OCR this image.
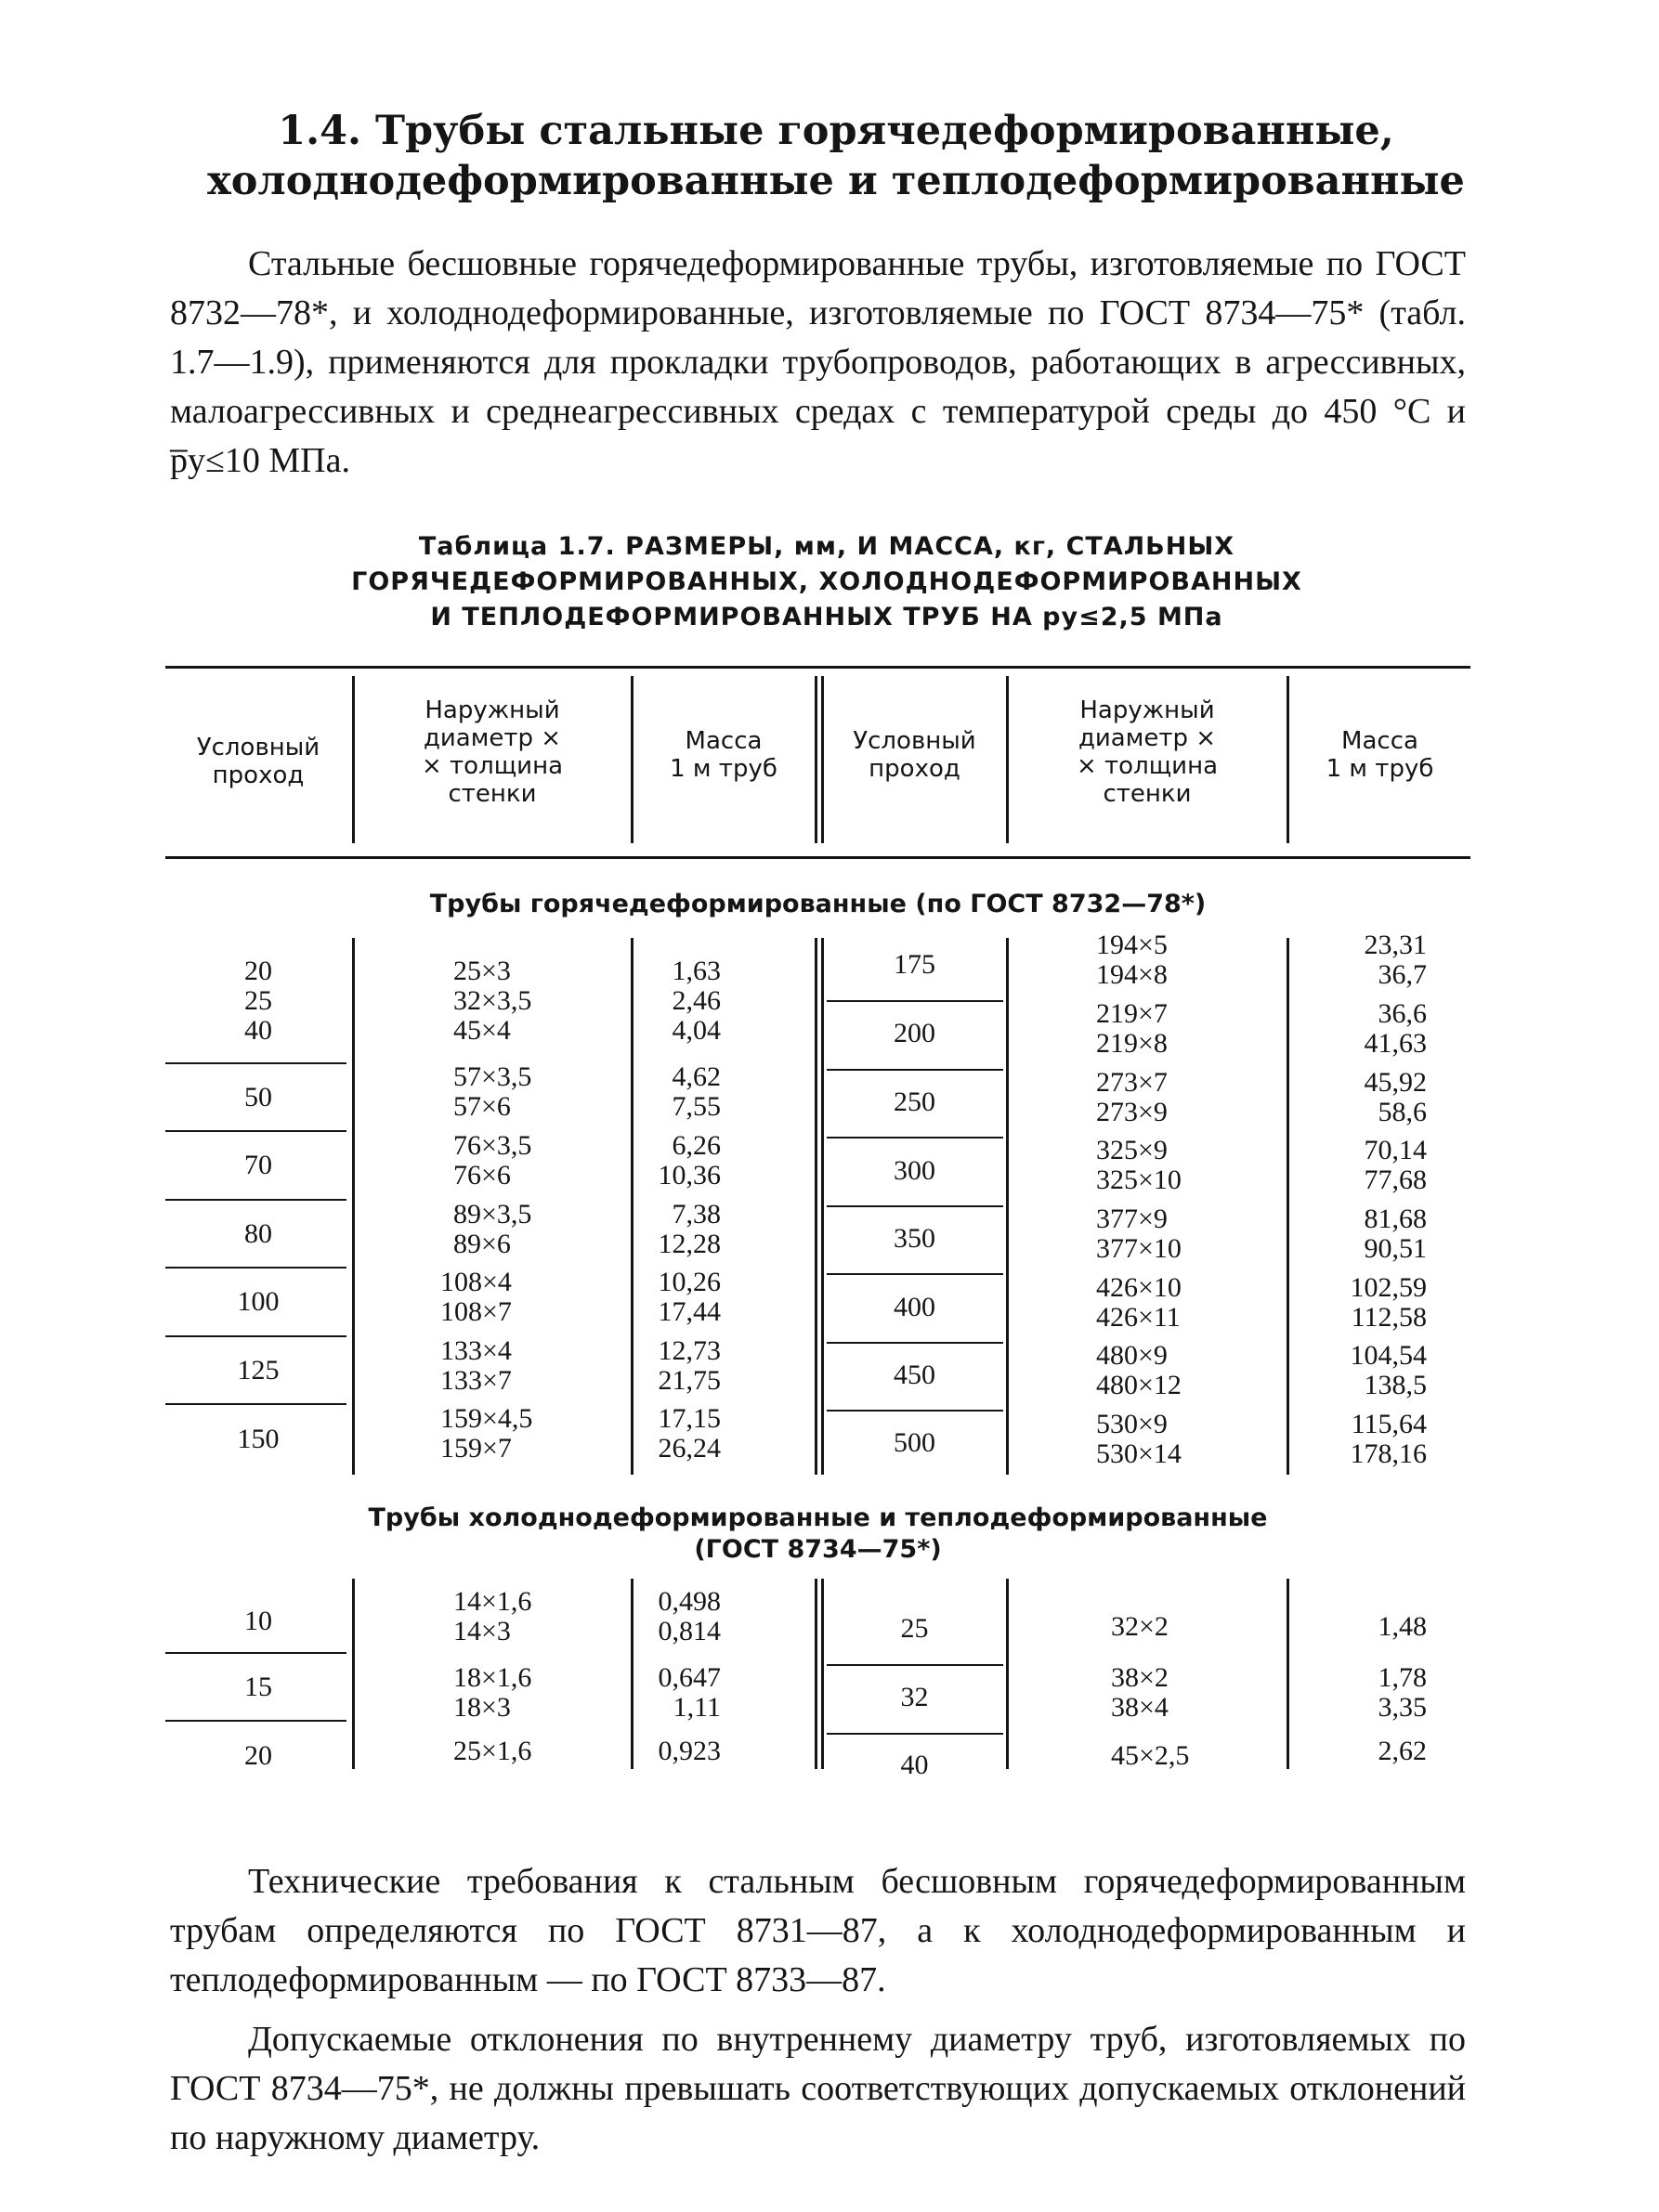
1.4. Трубы стальные горячедеформированные,
холоднодеформированные и теплодеформированные
Стальные бесшовные горячедеформированные трубы, изготовляемые по ГОСТ 8732—78*, и холоднодеформированные, изготовляемые по ГОСТ 8734—75* (табл. 1.7—1.9), применяются для прокладки трубопроводов, работающих в агрессивных, малоагрессивных и среднеагрессивных средах с температурой среды до 450 °С и p̅у≤10 МПа.
Таблица 1.7. РАЗМЕРЫ, мм, И МАССА, кг, СТАЛЬНЫХ
ГОРЯЧЕДЕФОРМИРОВАННЫХ, ХОЛОДНОДЕФОРМИРОВАННЫХ
И ТЕПЛОДЕФОРМИРОВАННЫХ ТРУБ НА pу≤2,5 МПа
Условный
проход
Наружный
диаметр ×
× толщина
стенки
Масса
1 м труб
Условный
проход
Наружный
диаметр ×
× толщина
стенки
Масса
1 м труб
Трубы горячедеформированные (по ГОСТ 8732—78*)
20
25
40
50
70
80
100
125
150
25×3
32×3,5
45×4
57×3,5
57×6
76×3,5
76×6
89×3,5
89×6
108×4
108×7
133×4
133×7
159×4,5
159×7
1,63
2,46
4,04
4,62
7,55
6,26
10,36
7,38
12,28
10,26
17,44
12,73
21,75
17,15
26,24
175
200
250
300
350
400
450
500
194×5
194×8
219×7
219×8
273×7
273×9
325×9
325×10
377×9
377×10
426×10
426×11
480×9
480×12
530×9
530×14
23,31
36,7
36,6
41,63
45,92
58,6
70,14
77,68
81,68
90,51
102,59
112,58
104,54
138,5
115,64
178,16
Трубы холоднодеформированные и теплодеформированные
(ГОСТ 8734—75*)
10
15
20
14×1,6
14×3
18×1,6
18×3
25×1,6
0,498
0,814
0,647
1,11
0,923
25
32
40
32×2
38×2
38×4
45×2,5
1,48
1,78
3,35
2,62
Технические требования к стальным бесшовным горячедеформированным трубам определяются по ГОСТ 8731—87, а к холоднодеформированным и теплодеформированным — по ГОСТ 8733—87.
Допускаемые отклонения по внутреннему диаметру труб, изготовляемых по ГОСТ 8734—75*, не должны превышать соответствующих допускаемых отклонений по наружному диаметру.
